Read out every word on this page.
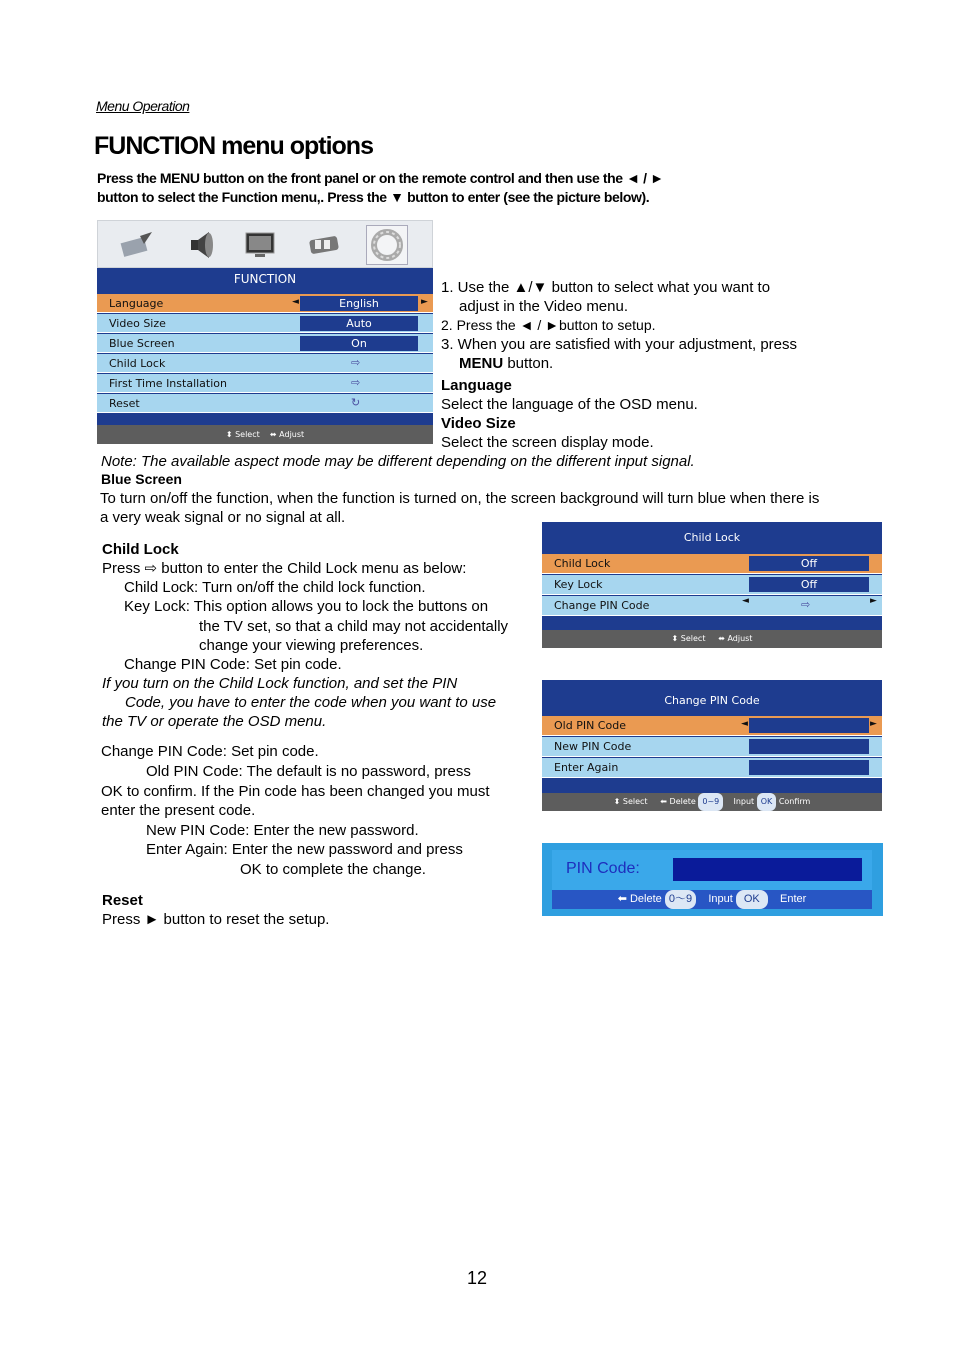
Menu Operation
FUNCTION menu options
Press the MENU button on the front panel or on the remote control and then use the ◄ / ►
button to select the Function menu,. Press the ▼ button to enter (see the picture below).
FUNCTION
Language	◄	English	►
Video Size	Auto
Blue Screen	On
Child Lock	⇨
First Time Installation	⇨
Reset	↻
⬍ Select ⬌ Adjust
1. Use the ▲/▼ button to select what you want to
adjust in the Video menu.
2. Press the ◄ / ►button to setup.
3. When you are satisfied with your adjustment, press
MENU button.
Language
Select the language of the OSD menu.
Video Size
Select the screen display mode.
Note: The available aspect mode may be different depending on the different input signal.
Blue Screen
To turn on/off the function, when the function is turned on, the screen background will turn blue when there is
a very weak signal or no signal at all.
Child Lock
Press ⇨ button to enter the Child Lock menu as below:
Child Lock: Turn on/off the child lock function.
Key Lock: This option allows you to lock the buttons on
the TV set, so that a child may not accidentally
change your viewing preferences.
Change PIN Code: Set pin code.
If you turn on the Child Lock function, and set the PIN
Code, you have to enter the code when you want to use
the TV or operate the OSD menu.
Change PIN Code: Set pin code.
Old PIN Code: The default is no password, press
OK to confirm. If the Pin code has been changed you must
enter the present code.
New PIN Code: Enter the new password.
Enter Again: Enter the new password and press
OK to complete the change.
Reset
Press ► button to reset the setup.
Child Lock
Child Lock	Off
Key Lock	Off
Change PIN Code	◄	⇨	►
⬍ Select ⬌ Adjust
Change PIN Code
Old PIN Code	◄	►
New PIN Code
Enter Again
⬍ Select ⬅ Delete 0~9 Input OK Confirm
PIN Code:
⬅ Delete 0～9 Input OK Enter
12
